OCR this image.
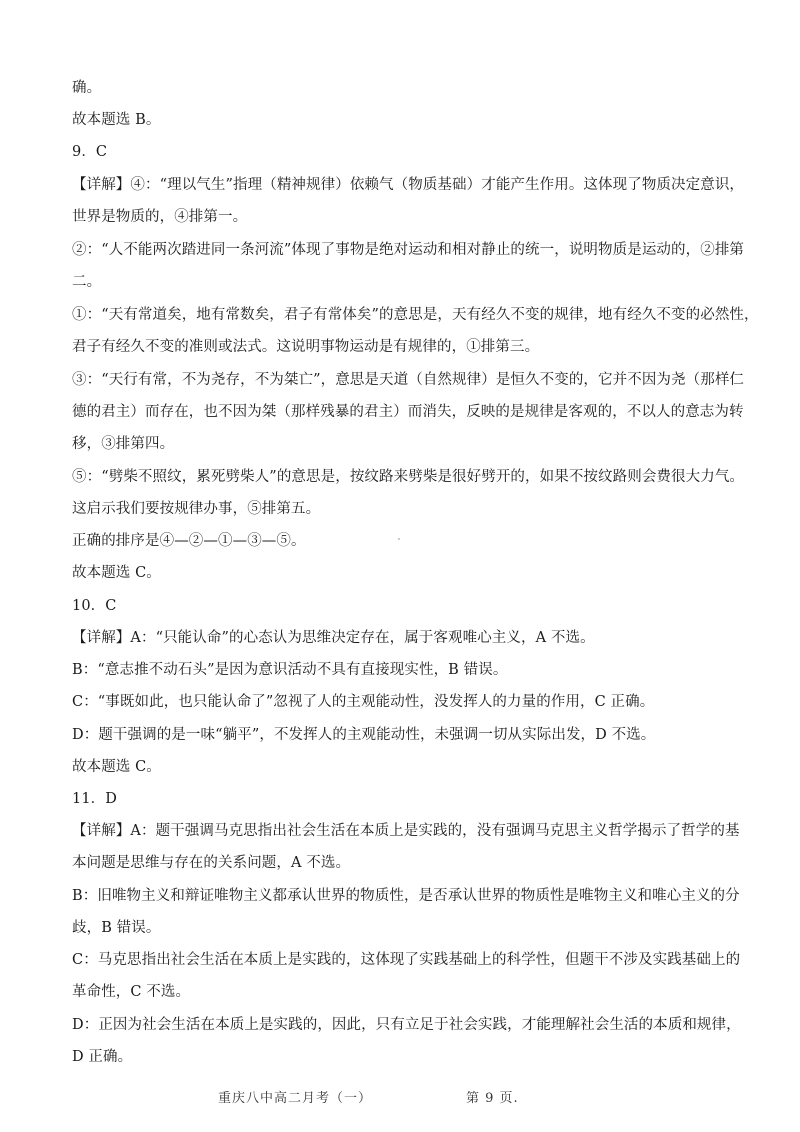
确。
故本题选 B。
9．C
【详解】④：“理以气生”指理（精神规律）依赖气（物质基础）才能产生作用。这体现了物质决定意识，
世界是物质的，④排第一。
②：“人不能两次踏进同一条河流”体现了事物是绝对运动和相对静止的统一，说明物质是运动的，②排第
二。
①：“天有常道矣，地有常数矣，君子有常体矣”的意思是，天有经久不变的规律，地有经久不变的必然性，
君子有经久不变的准则或法式。这说明事物运动是有规律的，①排第三。
③：“天行有常，不为尧存，不为桀亡”，意思是天道（自然规律）是恒久不变的，它并不因为尧（那样仁
德的君主）而存在，也不因为桀（那样残暴的君主）而消失，反映的是规律是客观的，不以人的意志为转
移，③排第四。
⑤：“劈柴不照纹，累死劈柴人”的意思是，按纹路来劈柴是很好劈开的，如果不按纹路则会费很大力气。
这启示我们要按规律办事，⑤排第五。
正确的排序是④—②—①—③—⑤。
故本题选 C。
10．C
【详解】A：“只能认命”的心态认为思维决定存在，属于客观唯心主义，A 不选。
B：“意志推不动石头”是因为意识活动不具有直接现实性，B 错误。
C：“事既如此，也只能认命了”忽视了人的主观能动性，没发挥人的力量的作用，C 正确。
D：题干强调的是一味“躺平”，不发挥人的主观能动性，未强调一切从实际出发，D 不选。
故本题选 C。
11．D
【详解】A：题干强调马克思指出社会生活在本质上是实践的，没有强调马克思主义哲学揭示了哲学的基
本问题是思维与存在的关系问题，A 不选。
B：旧唯物主义和辩证唯物主义都承认世界的物质性，是否承认世界的物质性是唯物主义和唯心主义的分
歧，B 错误。
C：马克思指出社会生活在本质上是实践的，这体现了实践基础上的科学性，但题干不涉及实践基础上的
革命性，C 不选。
D：正因为社会生活在本质上是实践的，因此，只有立足于社会实践，才能理解社会生活的本质和规律，
D 正确。
重庆八中高二月考（一）	第 9 页.
